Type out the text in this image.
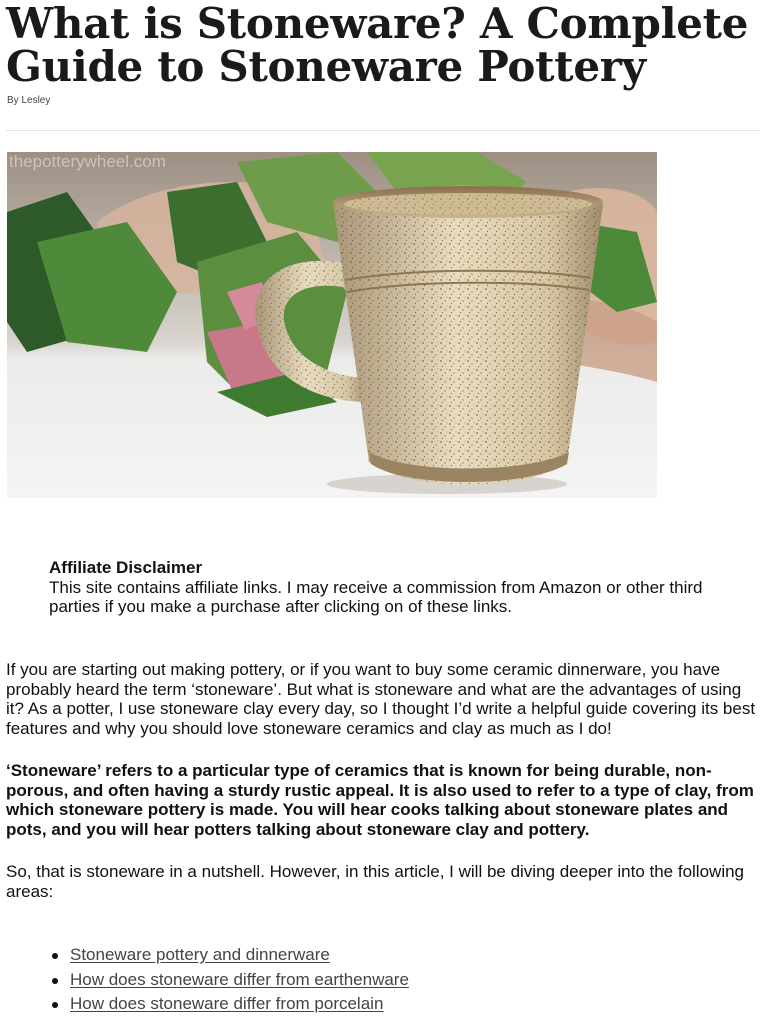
What is Stoneware? A Complete Guide to Stoneware Pottery
By Lesley
thepotterywheel.com
Affiliate Disclaimer
This site contains affiliate links. I may receive a commission from Amazon or other third parties if you make a purchase after clicking on of these links.

If you are starting out making pottery, or if you want to buy some ceramic dinnerware, you have probably heard the term ‘stoneware’. But what is stoneware and what are the advantages of using it? As a potter, I use stoneware clay every day, so I thought I’d write a helpful guide covering its best features and why you should love stoneware ceramics and clay as much as I do!

‘Stoneware’ refers to a particular type of ceramics that is known for being durable, non-porous, and often having a sturdy rustic appeal. It is also used to refer to a type of clay, from which stoneware pottery is made. You will hear cooks talking about stoneware plates and pots, and you will hear potters talking about stoneware clay and pottery.

So, that is stoneware in a nutshell. However, in this article, I will be diving deeper into the following areas:

Stoneware pottery and dinnerware
How does stoneware differ from earthenware
How does stoneware differ from porcelain
